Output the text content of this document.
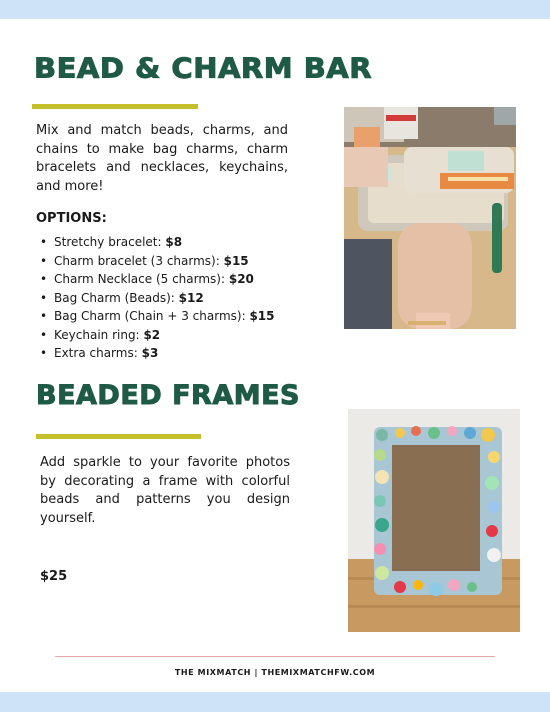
BEAD & CHARM BAR

Mix and match beads, charms, and chains to make bag charms, charm bracelets and necklaces, keychains, and more!

OPTIONS:

• Stretchy bracelet: $8
• Charm bracelet (3 charms): $15
• Charm Necklace (5 charms): $20
• Bag Charm (Beads): $12
• Bag Charm (Chain + 3 charms): $15
• Keychain ring: $2
• Extra charms: $3
BEADED FRAMES

Add sparkle to your favorite photos by decorating a frame with colorful beads and patterns you design yourself.

$25

THE MIXMATCH | THEMIXMATCHFW.COM
